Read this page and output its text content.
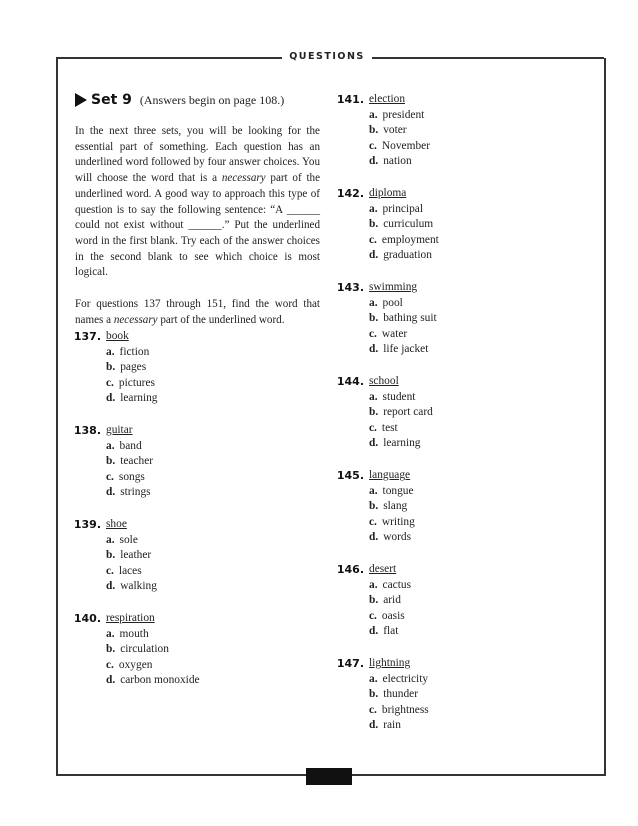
QUESTIONS
Set 9 (Answers begin on page 108.)

In the next three sets, you will be looking for the essential part of something. Each question has an underlined word followed by four answer choices. You will choose the word that is a necessary part of the underlined word. A good way to approach this type of question is to say the following sentence: “A ______ could not exist without ______.” Put the underlined word in the first blank. Try each of the answer choices in the second blank to see which choice is most logical.

For questions 137 through 151, find the word that names a necessary part of the underlined word.

137. book
a. fiction
b. pages
c. pictures
d. learning
138. guitar
a. band
b. teacher
c. songs
d. strings
139. shoe
a. sole
b. leather
c. laces
d. walking
140. respiration
a. mouth
b. circulation
c. oxygen
d. carbon monoxide
141. election
a. president
b. voter
c. November
d. nation
142. diploma
a. principal
b. curriculum
c. employment
d. graduation
143. swimming
a. pool
b. bathing suit
c. water
d. life jacket
144. school
a. student
b. report card
c. test
d. learning
145. language
a. tongue
b. slang
c. writing
d. words
146. desert
a. cactus
b. arid
c. oasis
d. flat
147. lightning
a. electricity
b. thunder
c. brightness
d. rain
